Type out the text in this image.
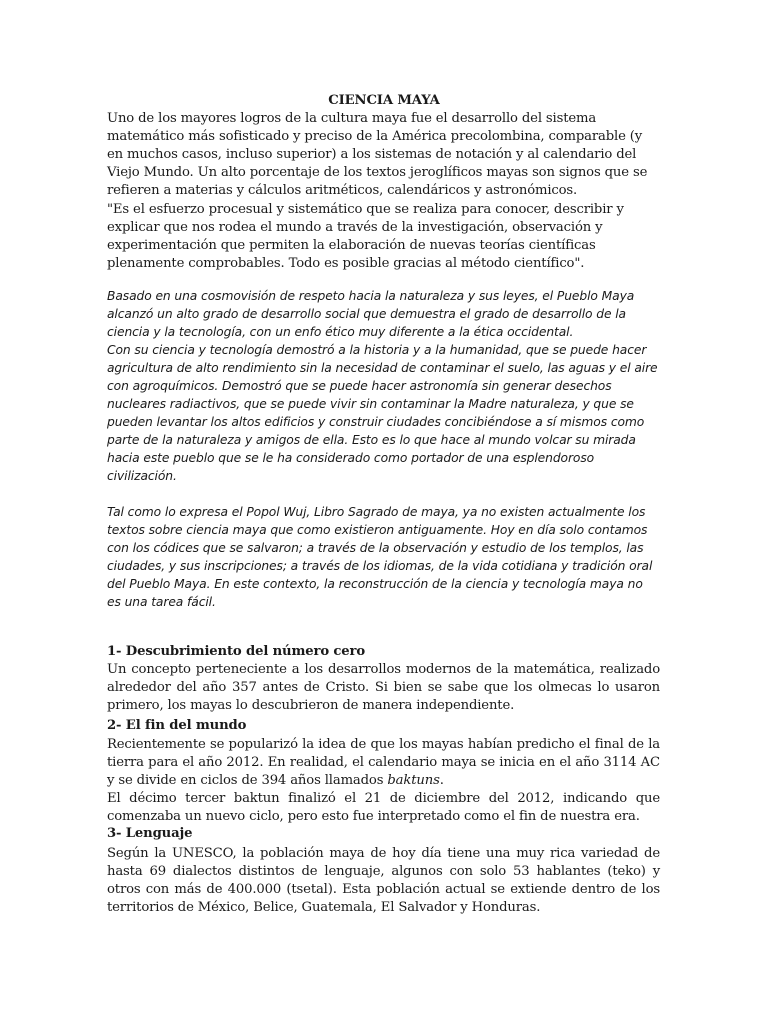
CIENCIA MAYA

Uno de los mayores logros de la cultura maya fue el desarrollo del sistema matemático más sofisticado y preciso de la América precolombina, comparable (y en muchos casos, incluso superior) a los sistemas de notación y al calendario del Viejo Mundo. Un alto porcentaje de los textos jeroglíficos mayas son signos que se refieren a materias y cálculos aritméticos, calendáricos y astronómicos.

"Es el esfuerzo procesual y sistemático que se realiza para conocer, describir y explicar que nos rodea el mundo a través de la investigación, observación y experimentación que permiten la elaboración de nuevas teorías científicas plenamente comprobables. Todo es posible gracias al método científico".

Basado en una cosmovisión de respeto hacia la naturaleza y sus leyes, el Pueblo Maya alcanzó un alto grado de desarrollo social que demuestra el grado de desarrollo de la ciencia y la tecnología, con un enfo ético muy diferente a la ética occidental.

Con su ciencia y tecnología demostró a la historia y a la humanidad, que se puede hacer agricultura de alto rendimiento sin la necesidad de contaminar el suelo, las aguas y el aire con agroquímicos. Demostró que se puede hacer astronomía sin generar desechos nucleares radiactivos, que se puede vivir sin contaminar la Madre naturaleza, y que se pueden levantar los altos edificios y construir ciudades concibiéndose a sí mismos como parte de la naturaleza y amigos de ella. Esto es lo que hace al mundo volcar su mirada hacia este pueblo que se le ha considerado como portador de una esplendoroso civilización.

Tal como lo expresa el Popol Wuj, Libro Sagrado de maya, ya no existen actualmente los textos sobre ciencia maya que como existieron antiguamente. Hoy en día solo contamos con los códices que se salvaron; a través de la observación y estudio de los templos, las ciudades, y sus inscripciones; a través de los idiomas, de la vida cotidiana y tradición oral del Pueblo Maya. En este contexto, la reconstrucción de la ciencia y tecnología maya no es una tarea fácil.

1- Descubrimiento del número cero

Un concepto perteneciente a los desarrollos modernos de la matemática, realizado alrededor del año 357 antes de Cristo. Si bien se sabe que los olmecas lo usaron primero, los mayas lo descubrieron de manera independiente.

2- El fin del mundo

Recientemente se popularizó la idea de que los mayas habían predicho el final de la tierra para el año 2012. En realidad, el calendario maya se inicia en el año 3114 AC y se divide en ciclos de 394 años llamados baktuns.

El décimo tercer baktun finalizó el 21 de diciembre del 2012, indicando que comenzaba un nuevo ciclo, pero esto fue interpretado como el fin de nuestra era.

3- Lenguaje

Según la UNESCO, la población maya de hoy día tiene una muy rica variedad de hasta 69 dialectos distintos de lenguaje, algunos con solo 53 hablantes (teko) y otros con más de 400.000 (tsetal). Esta población actual se extiende dentro de los territorios de México, Belice, Guatemala, El Salvador y Honduras.
